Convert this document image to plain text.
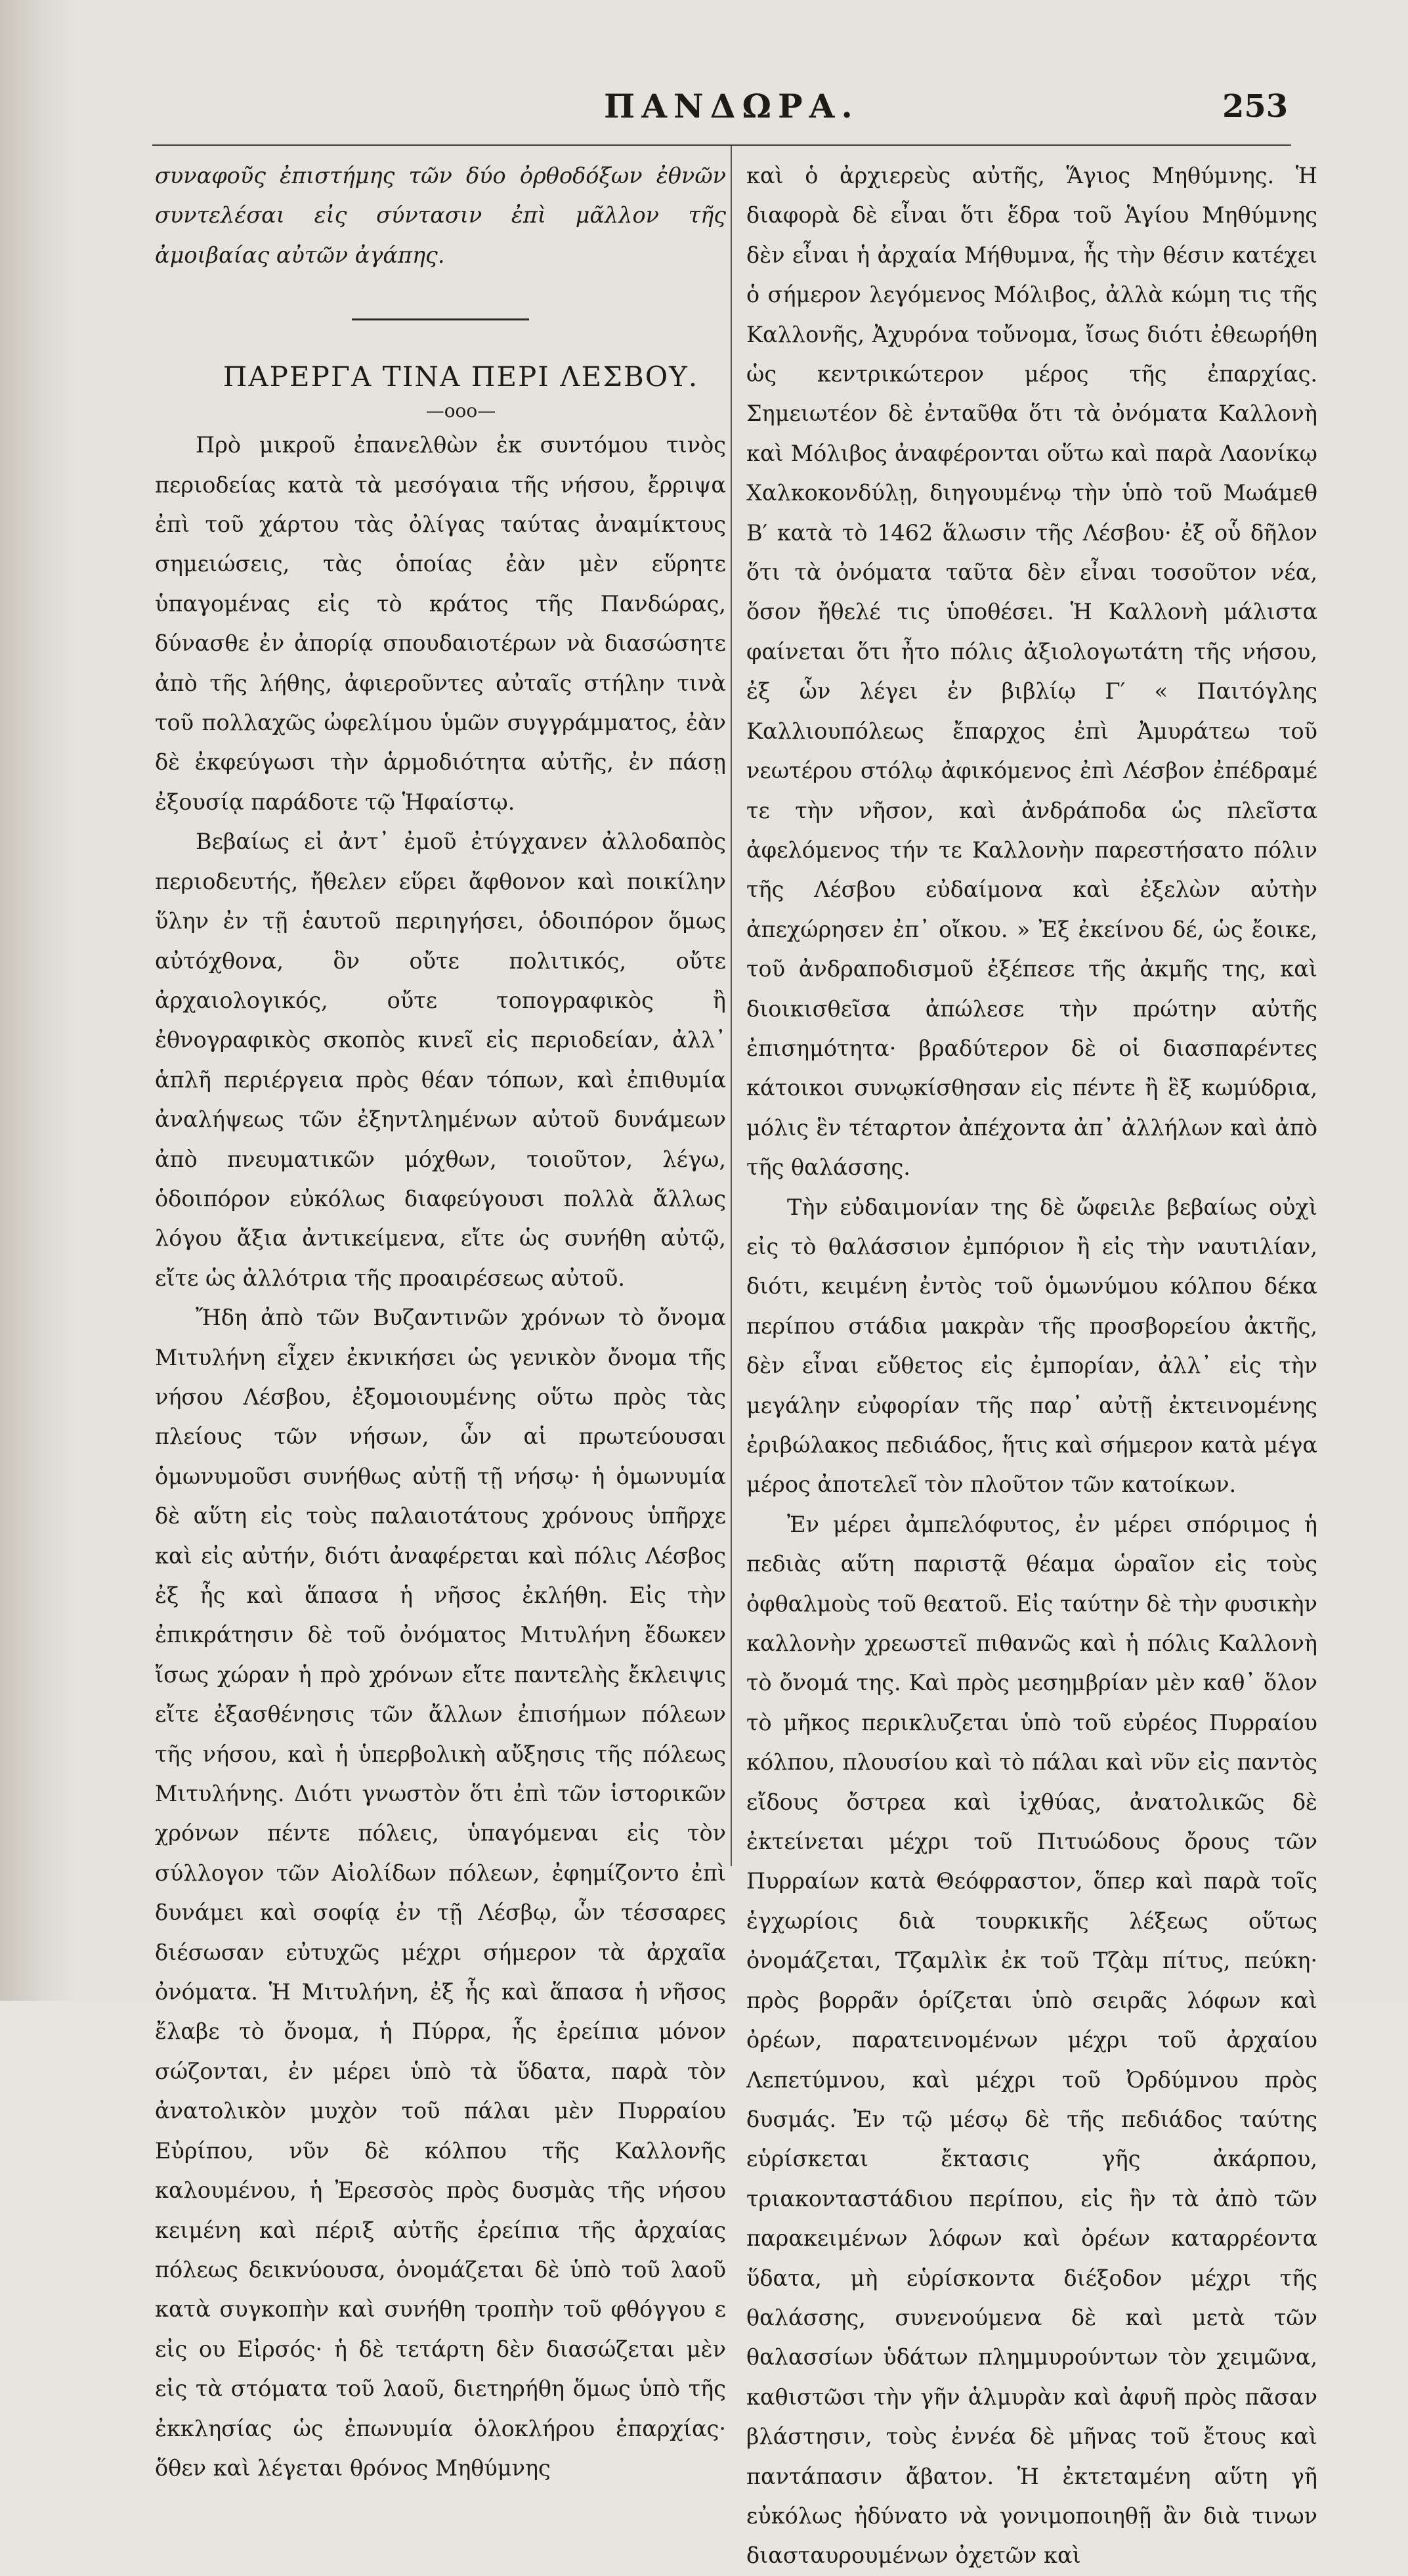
ΠΑΝΔΩΡΑ.	253

συναφοῦς ἐπιστήμης τῶν δύο ὀρθοδόξων ἐθνῶν συντελέσαι εἰς σύντασιν ἐπὶ μᾶλλον τῆς ἀμοιβαίας αὐτῶν ἀγάπης.

ΠΑΡΕΡΓΑ ΤΙΝΑ ΠΕΡΙ ΛΕΣΒΟΥ.

—οοο—

Πρὸ μικροῦ ἐπανελθὼν ἐκ συντόμου τινὸς περιοδείας κατὰ τὰ μεσόγαια τῆς νήσου, ἔρριψα ἐπὶ τοῦ χάρτου τὰς ὀλίγας ταύτας ἀναμίκτους σημειώσεις, τὰς ὁποίας ἐὰν μὲν εὕρητε ὑπαγομένας εἰς τὸ κράτος τῆς Πανδώρας, δύνασθε ἐν ἀπορίᾳ σπουδαιοτέρων νὰ διασώσητε ἀπὸ τῆς λήθης, ἀφιεροῦντες αὐταῖς στήλην τινὰ τοῦ πολλαχῶς ὠφελίμου ὑμῶν συγγράμματος, ἐὰν δὲ ἐκφεύγωσι τὴν ἁρμοδιότητα αὐτῆς, ἐν πάσῃ ἐξουσίᾳ παράδοτε τῷ Ἡφαίστῳ.

Βεβαίως εἰ ἀντ᾽ ἐμοῦ ἐτύγχανεν ἀλλοδαπὸς περιοδευτής, ἤθελεν εὕρει ἄφθονον καὶ ποικίλην ὕλην ἐν τῇ ἑαυτοῦ περιηγήσει, ὁδοιπόρον ὅμως αὐτόχθονα, ὃν οὔτε πολιτικός, οὔτε ἀρχαιολογικός, οὔτε τοπογραφικὸς ἢ ἐθνογραφικὸς σκοπὸς κινεῖ εἰς περιοδείαν, ἀλλ᾽ ἁπλῆ περιέργεια πρὸς θέαν τόπων, καὶ ἐπιθυμία ἀναλήψεως τῶν ἐξηντλημένων αὐτοῦ δυνάμεων ἀπὸ πνευματικῶν μόχθων, τοιοῦτον, λέγω, ὁδοιπόρον εὐκόλως διαφεύγουσι πολλὰ ἄλλως λόγου ἄξια ἀντικείμενα, εἴτε ὡς συνήθη αὐτῷ, εἴτε ὡς ἀλλότρια τῆς προαιρέσεως αὐτοῦ.

Ἤδη ἀπὸ τῶν Βυζαντινῶν χρόνων τὸ ὄνομα Μιτυλήνη εἶχεν ἐκνικήσει ὡς γενικὸν ὄνομα τῆς νήσου Λέσβου, ἐξομοιουμένης οὕτω πρὸς τὰς πλείους τῶν νήσων, ὧν αἱ πρωτεύουσαι ὁμωνυμοῦσι συνήθως αὐτῇ τῇ νήσῳ· ἡ ὁμωνυμία δὲ αὕτη εἰς τοὺς παλαιοτάτους χρόνους ὑπῆρχε καὶ εἰς αὐτήν, διότι ἀναφέρεται καὶ πόλις Λέσβος ἐξ ἧς καὶ ἅπασα ἡ νῆσος ἐκλήθη. Εἰς τὴν ἐπικράτησιν δὲ τοῦ ὀνόματος Μιτυλήνη ἔδωκεν ἴσως χώραν ἡ πρὸ χρόνων εἴτε παντελὴς ἔκλειψις εἴτε ἐξασθένησις τῶν ἄλλων ἐπισήμων πόλεων τῆς νήσου, καὶ ἡ ὑπερβολικὴ αὔξησις τῆς πόλεως Μιτυλήνης. Διότι γνωστὸν ὅτι ἐπὶ τῶν ἱστορικῶν χρόνων πέντε πόλεις, ὑπαγόμεναι εἰς τὸν σύλλογον τῶν Αἰολίδων πόλεων, ἐφημίζοντο ἐπὶ δυνάμει καὶ σοφίᾳ ἐν τῇ Λέσβῳ, ὧν τέσσαρες διέσωσαν εὐτυχῶς μέχρι σήμερον τὰ ἀρχαῖα ὀνόματα. Ἡ Μιτυλήνη, ἐξ ἧς καὶ ἅπασα ἡ νῆσος ἔλαβε τὸ ὄνομα, ἡ Πύρρα, ἧς ἐρείπια μόνον σώζονται, ἐν μέρει ὑπὸ τὰ ὕδατα, παρὰ τὸν ἀνατολικὸν μυχὸν τοῦ πάλαι μὲν Πυρραίου Εὐρίπου, νῦν δὲ κόλπου τῆς Καλλονῆς καλουμένου, ἡ Ἐρεσσὸς πρὸς δυσμὰς τῆς νήσου κειμένη καὶ πέριξ αὐτῆς ἐρείπια τῆς ἀρχαίας πόλεως δεικνύουσα, ὀνομάζεται δὲ ὑπὸ τοῦ λαοῦ κατὰ συγκοπὴν καὶ συνήθη τροπὴν τοῦ φθόγγου ε εἰς ου Εἰρσός· ἡ δὲ τετάρτη δὲν διασώζεται μὲν εἰς τὰ στόματα τοῦ λαοῦ, διετηρήθη ὅμως ὑπὸ τῆς ἐκκλησίας ὡς ἐπωνυμία ὁλοκλήρου ἐπαρχίας· ὅθεν καὶ λέγεται θρόνος Μηθύμνης

καὶ ὁ ἀρχιερεὺς αὐτῆς, Ἅγιος Μηθύμνης. Ἡ διαφορὰ δὲ εἶναι ὅτι ἕδρα τοῦ Ἁγίου Μηθύμνης δὲν εἶναι ἡ ἀρχαία Μήθυμνα, ἧς τὴν θέσιν κατέχει ὁ σήμερον λεγόμενος Μόλιβος, ἀλλὰ κώμη τις τῆς Καλλονῆς, Ἀχυρόνα τοὔνομα, ἴσως διότι ἐθεωρήθη ὡς κεντρικώτερον μέρος τῆς ἐπαρχίας. Σημειωτέον δὲ ἐνταῦθα ὅτι τὰ ὀνόματα Καλλονὴ καὶ Μόλιβος ἀναφέρονται οὕτω καὶ παρὰ Λαονίκῳ Χαλκοκονδύλῃ, διηγουμένῳ τὴν ὑπὸ τοῦ Μωάμεθ Β′ κατὰ τὸ 1462 ἅλωσιν τῆς Λέσβου· ἐξ οὗ δῆλον ὅτι τὰ ὀνόματα ταῦτα δὲν εἶναι τοσοῦτον νέα, ὅσον ἤθελέ τις ὑποθέσει. Ἡ Καλλονὴ μάλιστα φαίνεται ὅτι ἦτο πόλις ἀξιολογωτάτη τῆς νήσου, ἐξ ὧν λέγει ἐν βιβλίῳ Γ′ « Παιτόγλης Καλλιουπόλεως ἔπαρχος ἐπὶ Ἀμυράτεω τοῦ νεωτέρου στόλῳ ἀφικόμενος ἐπὶ Λέσβον ἐπέδραμέ τε τὴν νῆσον, καὶ ἀνδράποδα ὡς πλεῖστα ἀφελόμενος τήν τε Καλλονὴν παρεστήσατο πόλιν τῆς Λέσβου εὐδαίμονα καὶ ἐξελὼν αὐτὴν ἀπεχώρησεν ἐπ᾽ οἴκου. » Ἐξ ἐκείνου δέ, ὡς ἔοικε, τοῦ ἀνδραποδισμοῦ ἐξέπεσε τῆς ἀκμῆς της, καὶ διοικισθεῖσα ἀπώλεσε τὴν πρώτην αὐτῆς ἐπισημότητα· βραδύτερον δὲ οἱ διασπαρέντες κάτοικοι συνῳκίσθησαν εἰς πέντε ἢ ἓξ κωμύδρια, μόλις ἓν τέταρτον ἀπέχοντα ἀπ᾽ ἀλλήλων καὶ ἀπὸ τῆς θαλάσσης.

Τὴν εὐδαιμονίαν της δὲ ὤφειλε βεβαίως οὐχὶ εἰς τὸ θαλάσσιον ἐμπόριον ἢ εἰς τὴν ναυτιλίαν, διότι, κειμένη ἐντὸς τοῦ ὁμωνύμου κόλπου δέκα περίπου στάδια μακρὰν τῆς προσβορείου ἀκτῆς, δὲν εἶναι εὔθετος εἰς ἐμπορίαν, ἀλλ᾽ εἰς τὴν μεγάλην εὐφορίαν τῆς παρ᾽ αὐτῇ ἐκτεινομένης ἐριβώλακος πεδιάδος, ἥτις καὶ σήμερον κατὰ μέγα μέρος ἀποτελεῖ τὸν πλοῦτον τῶν κατοίκων.

Ἐν μέρει ἀμπελόφυτος, ἐν μέρει σπόριμος ἡ πεδιὰς αὕτη παριστᾷ θέαμα ὡραῖον εἰς τοὺς ὀφθαλμοὺς τοῦ θεατοῦ. Εἰς ταύτην δὲ τὴν φυσικὴν καλλονὴν χρεωστεῖ πιθανῶς καὶ ἡ πόλις Καλλονὴ τὸ ὄνομά της. Καὶ πρὸς μεσημβρίαν μὲν καθ᾽ ὅλον τὸ μῆκος περικλυζεται ὑπὸ τοῦ εὐρέος Πυρραίου κόλπου, πλουσίου καὶ τὸ πάλαι καὶ νῦν εἰς παντὸς εἴδους ὄστρεα καὶ ἰχθύας, ἀνατολικῶς δὲ ἐκτείνεται μέχρι τοῦ Πιτυώδους ὄρους τῶν Πυρραίων κατὰ Θεόφραστον, ὅπερ καὶ παρὰ τοῖς ἐγχωρίοις διὰ τουρκικῆς λέξεως οὕτως ὀνομάζεται, Τζαμλὶκ ἐκ τοῦ Τζὰμ πίτυς, πεύκη· πρὸς βορρᾶν ὁρίζεται ὑπὸ σειρᾶς λόφων καὶ ὀρέων, παρατεινομένων μέχρι τοῦ ἀρχαίου Λεπετύμνου, καὶ μέχρι τοῦ Ὀρδύμνου πρὸς δυσμάς. Ἐν τῷ μέσῳ δὲ τῆς πεδιάδος ταύτης εὑρίσκεται ἔκτασις γῆς ἀκάρπου, τριακονταστάδιου περίπου, εἰς ἣν τὰ ἀπὸ τῶν παρακειμένων λόφων καὶ ὀρέων καταρρέοντα ὕδατα, μὴ εὑρίσκοντα διέξοδον μέχρι τῆς θαλάσσης, συνενούμενα δὲ καὶ μετὰ τῶν θαλασσίων ὑδάτων πλημμυρούντων τὸν χειμῶνα, καθιστῶσι τὴν γῆν ἁλμυρὰν καὶ ἀφυῆ πρὸς πᾶσαν βλάστησιν, τοὺς ἐννέα δὲ μῆνας τοῦ ἔτους καὶ παντάπασιν ἄβατον. Ἡ ἐκτεταμένη αὕτη γῆ εὐκόλως ἠδύνατο νὰ γονιμοποιηθῇ ἂν διὰ τινων διασταυρουμένων ὀχετῶν καὶ
